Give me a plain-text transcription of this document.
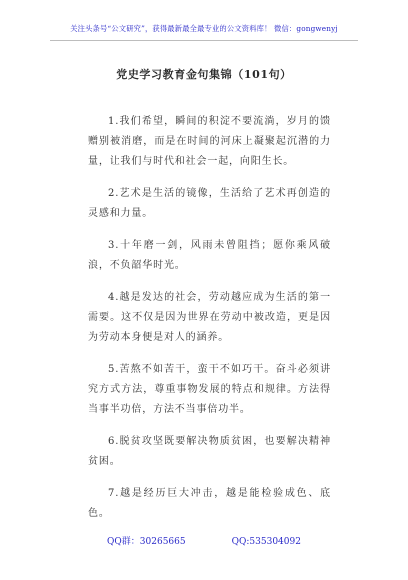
关注头条号“公文研究”，获得最新最全最专业的公文资料库！ 微信：gongwenyj
党史学习教育金句集锦（101句）

1.我们希望，瞬间的积淀不要流淌，岁月的馈赠别被消磨，而是在时间的河床上凝聚起沉潜的力量，让我们与时代和社会一起，向阳生长。

2.艺术是生活的镜像，生活给了艺术再创造的灵感和力量。

3.十年磨一剑，风雨未曾阻挡；愿你乘风破浪，不负韶华时光。

4.越是发达的社会，劳动越应成为生活的第一需要。这不仅是因为世界在劳动中被改造，更是因为劳动本身便是对人的涵养。

5.苦熬不如苦干，蛮干不如巧干。奋斗必须讲究方式方法，尊重事物发展的特点和规律。方法得当事半功倍，方法不当事倍功半。

6.脱贫攻坚既要解决物质贫困，也要解决精神贫困。

7.越是经历巨大冲击，越是能检验成色、底色。

QQ群：30265665	QQ:535304092
